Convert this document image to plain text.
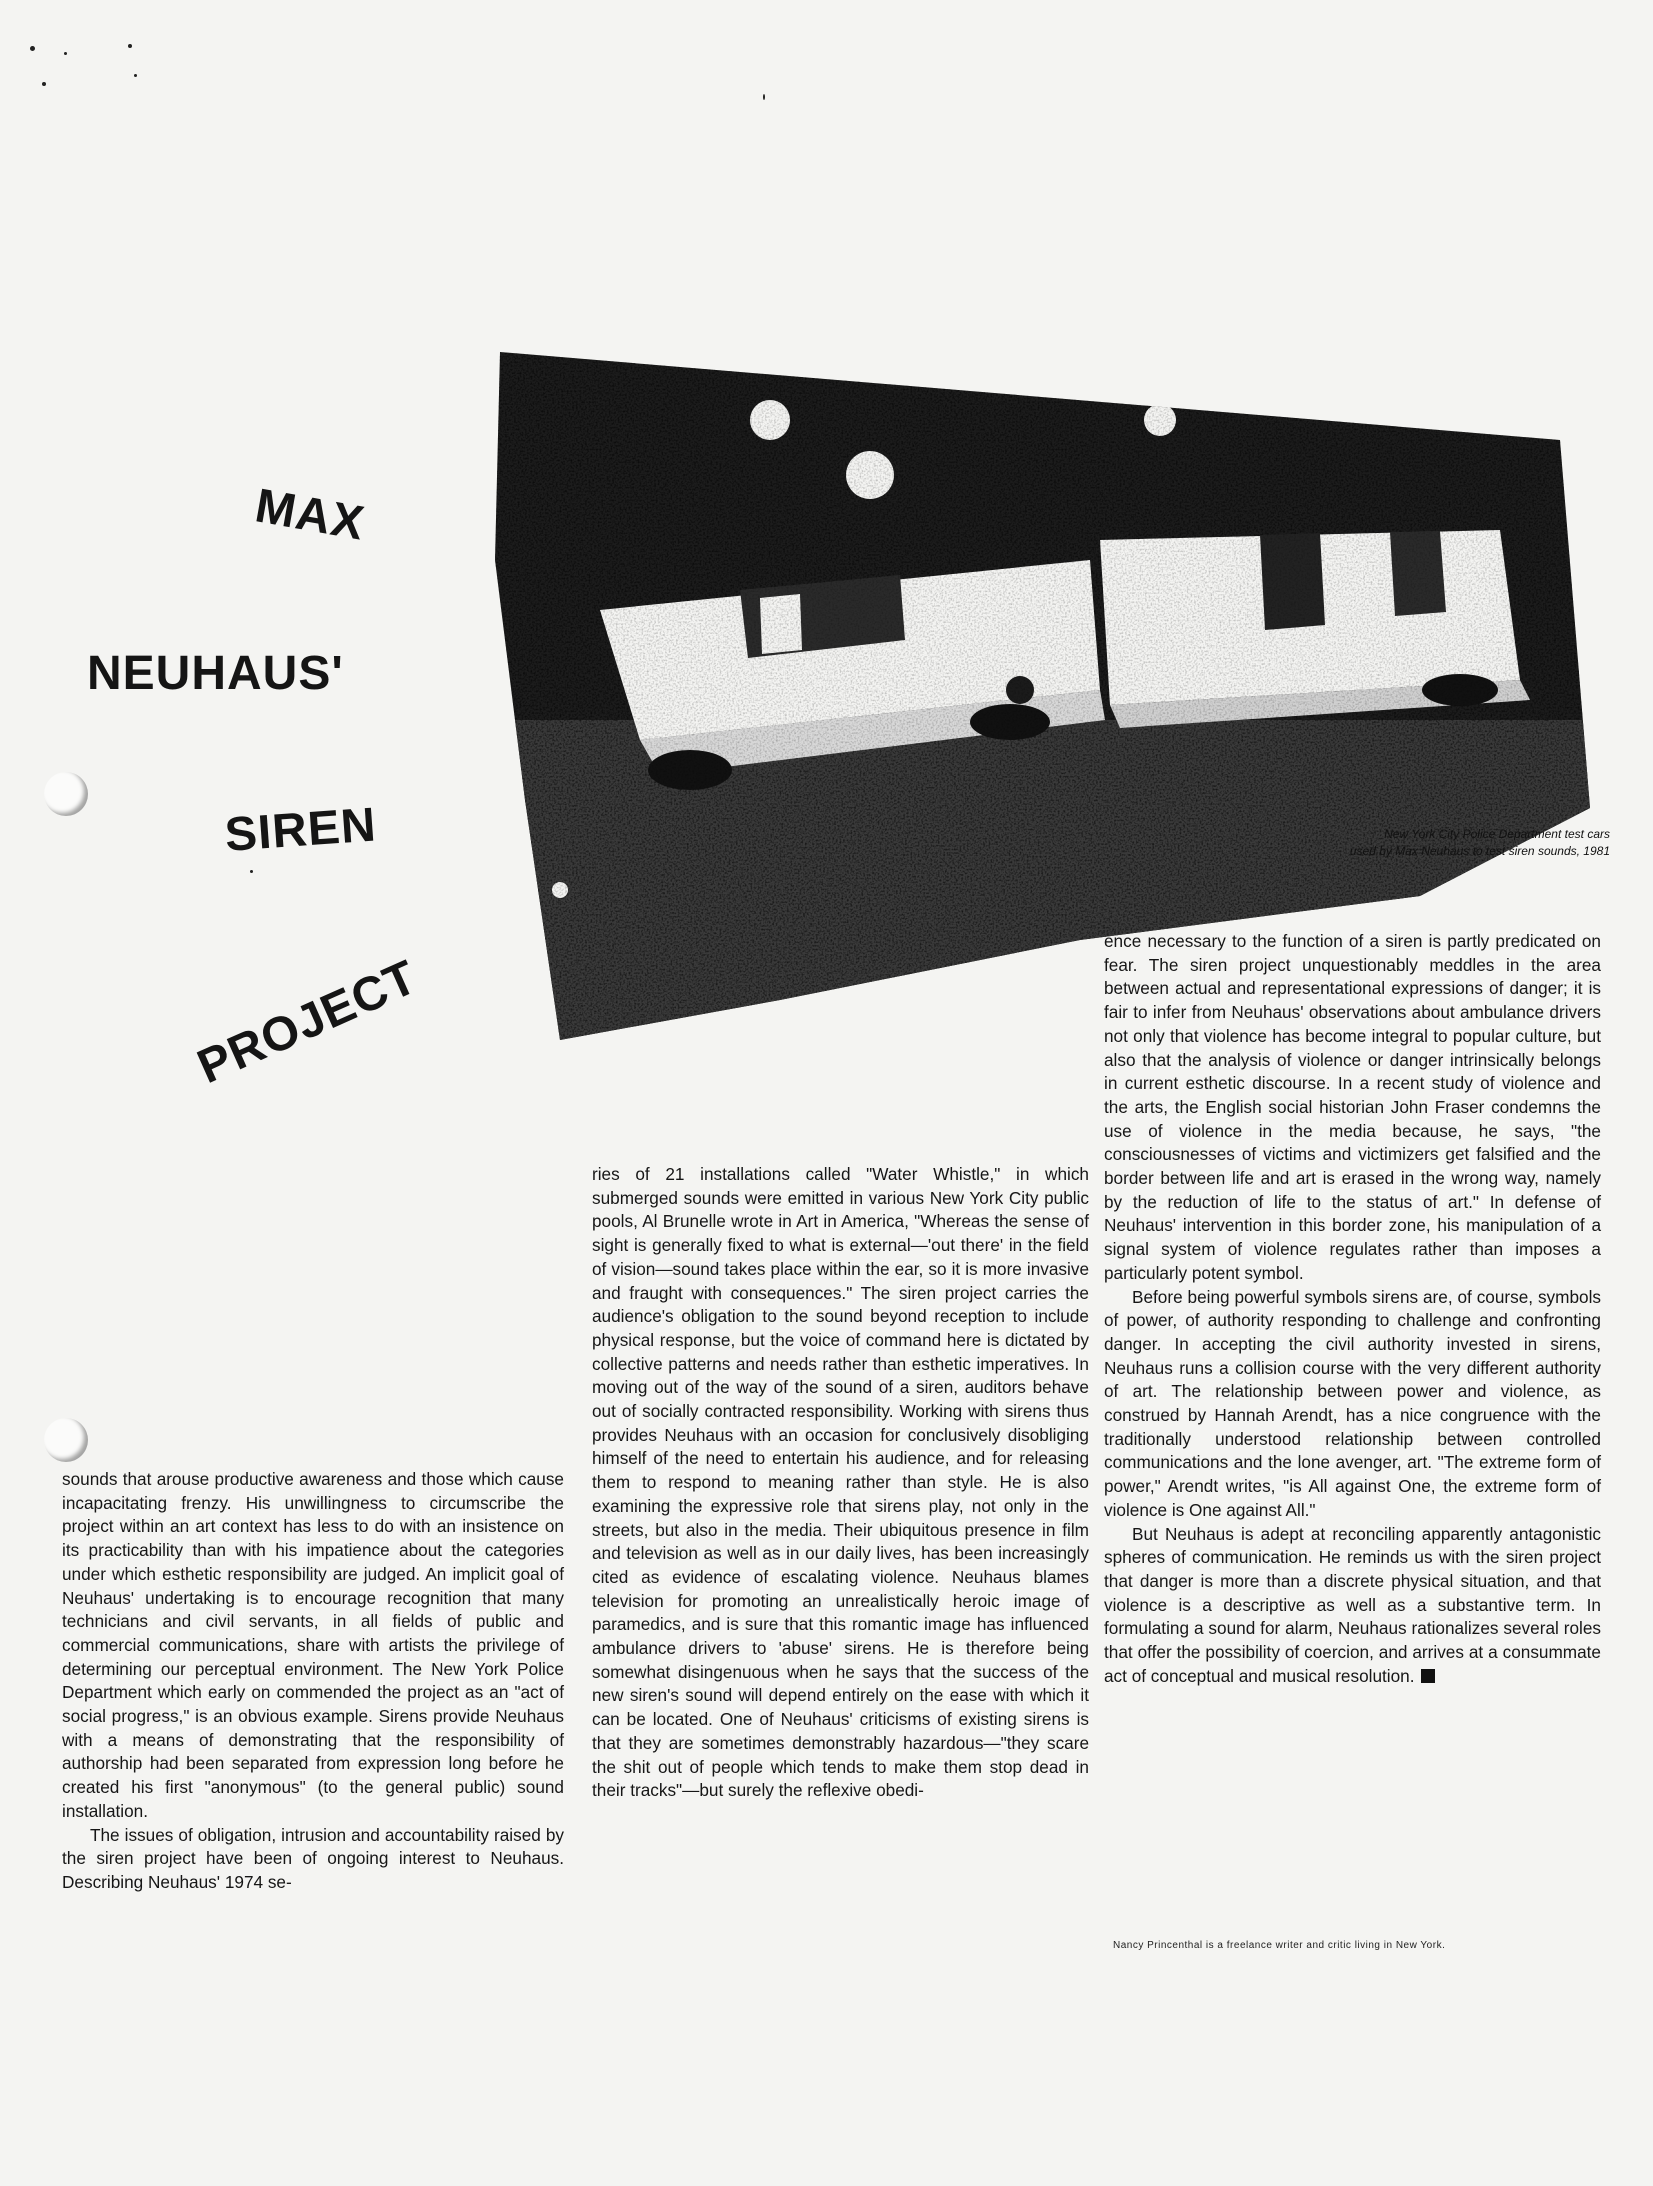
MAX
NEUHAUS'
SIREN
PROJECT
New York City Police Department test cars
used by Max Neuhaus to test siren sounds, 1981

sounds that arouse productive awareness and those which cause incapacitating frenzy. His unwillingness to circumscribe the project within an art context has less to do with an insistence on its practicability than with his impatience about the categories under which esthetic responsibility are judged. An implicit goal of Neuhaus' undertaking is to encourage recognition that many technicians and civil servants, in all fields of public and commercial communications, share with artists the privilege of determining our perceptual environment. The New York Police Department which early on commended the project as an "act of social progress," is an obvious example. Sirens provide Neuhaus with a means of demonstrating that the responsibility of authorship had been separated from expression long before he created his first "anonymous" (to the general public) sound installation.

The issues of obligation, intrusion and accountability raised by the siren project have been of ongoing interest to Neuhaus. Describing Neuhaus' 1974 se-

ries of 21 installations called "Water Whistle," in which submerged sounds were emitted in various New York City public pools, Al Brunelle wrote in Art in America, "Whereas the sense of sight is generally fixed to what is external—'out there' in the field of vision—sound takes place within the ear, so it is more invasive and fraught with consequences." The siren project carries the audience's obligation to the sound beyond reception to include physical response, but the voice of command here is dictated by collective patterns and needs rather than esthetic imperatives. In moving out of the way of the sound of a siren, auditors behave out of socially contracted responsibility. Working with sirens thus provides Neuhaus with an occasion for conclusively disobliging himself of the need to entertain his audience, and for releasing them to respond to meaning rather than style. He is also examining the expressive role that sirens play, not only in the streets, but also in the media. Their ubiquitous presence in film and television as well as in our daily lives, has been increasingly cited as evidence of escalating violence. Neuhaus blames television for promoting an unrealistically heroic image of paramedics, and is sure that this romantic image has influenced ambulance drivers to 'abuse' sirens. He is therefore being somewhat disingenuous when he says that the success of the new siren's sound will depend entirely on the ease with which it can be located. One of Neuhaus' criticisms of existing sirens is that they are sometimes demonstrably hazardous—"they scare the shit out of people which tends to make them stop dead in their tracks"—but surely the reflexive obedi-

ence necessary to the function of a siren is partly predicated on fear. The siren project unquestionably meddles in the area between actual and representational expressions of danger; it is fair to infer from Neuhaus' observations about ambulance drivers not only that violence has become integral to popular culture, but also that the analysis of violence or danger intrinsically belongs in current esthetic discourse. In a recent study of violence and the arts, the English social historian John Fraser condemns the use of violence in the media because, he says, "the consciousnesses of victims and victimizers get falsified and the border between life and art is erased in the wrong way, namely by the reduction of life to the status of art." In defense of Neuhaus' intervention in this border zone, his manipulation of a signal system of violence regulates rather than imposes a particularly potent symbol.

Before being powerful symbols sirens are, of course, symbols of power, of authority responding to challenge and confronting danger. In accepting the civil authority invested in sirens, Neuhaus runs a collision course with the very different authority of art. The relationship between power and violence, as construed by Hannah Arendt, has a nice congruence with the traditionally understood relationship between controlled communications and the lone avenger, art. "The extreme form of power," Arendt writes, "is All against One, the extreme form of violence is One against All."

But Neuhaus is adept at reconciling apparently antagonistic spheres of communication. He reminds us with the siren project that danger is more than a discrete physical situation, and that violence is a descriptive as well as a substantive term. In formulating a sound for alarm, Neuhaus rationalizes several roles that offer the possibility of coercion, and arrives at a consummate act of conceptual and musical resolution.

Nancy Princenthal is a freelance writer and critic living in New York.
